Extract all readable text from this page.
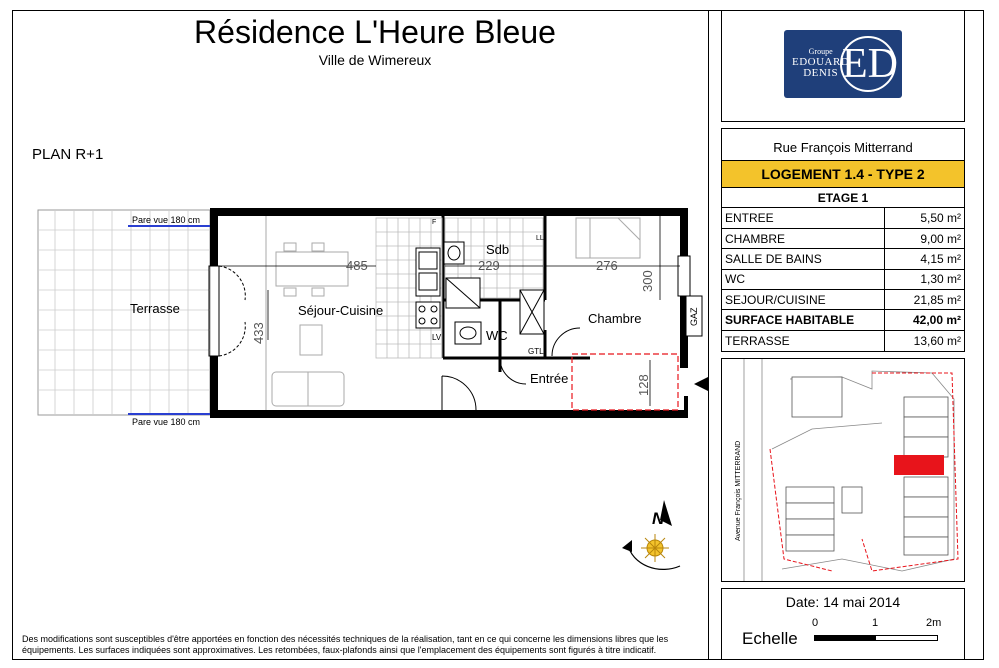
Résidence L'Heure Bleue
Ville de Wimereux
PLAN R+1
Pare vue 180 cm
Pare vue 180 cm
Terrasse	Séjour-Cuisine
Sdb
WC
Chambre
Entrée
GTL
LV
LL
F
GAZ
485	229	276
300
433
128
N
Groupe
EDOUARD
DENIS ED
Rue François Mitterrand
LOGEMENT 1.4 - TYPE 2
ETAGE 1
ENTREE	5,50 m²
CHAMBRE	9,00 m²
SALLE DE BAINS	4,15 m²
WC	1,30 m²
SEJOUR/CUISINE	21,85 m²
SURFACE HABITABLE	42,00 m²
TERRASSE	13,60 m²
Avenue François MITTERRAND
Date: 14 mai 2014
Echelle
0	1	2m
Des modifications sont susceptibles d'être apportées en fonction des nécessités techniques de la réalisation, tant en ce qui concerne les dimensions libres que les équipements. Les surfaces indiquées sont approximatives. Les retombées, faux-plafonds ainsi que l'emplacement des équipements sont figurés à titre indicatif.
